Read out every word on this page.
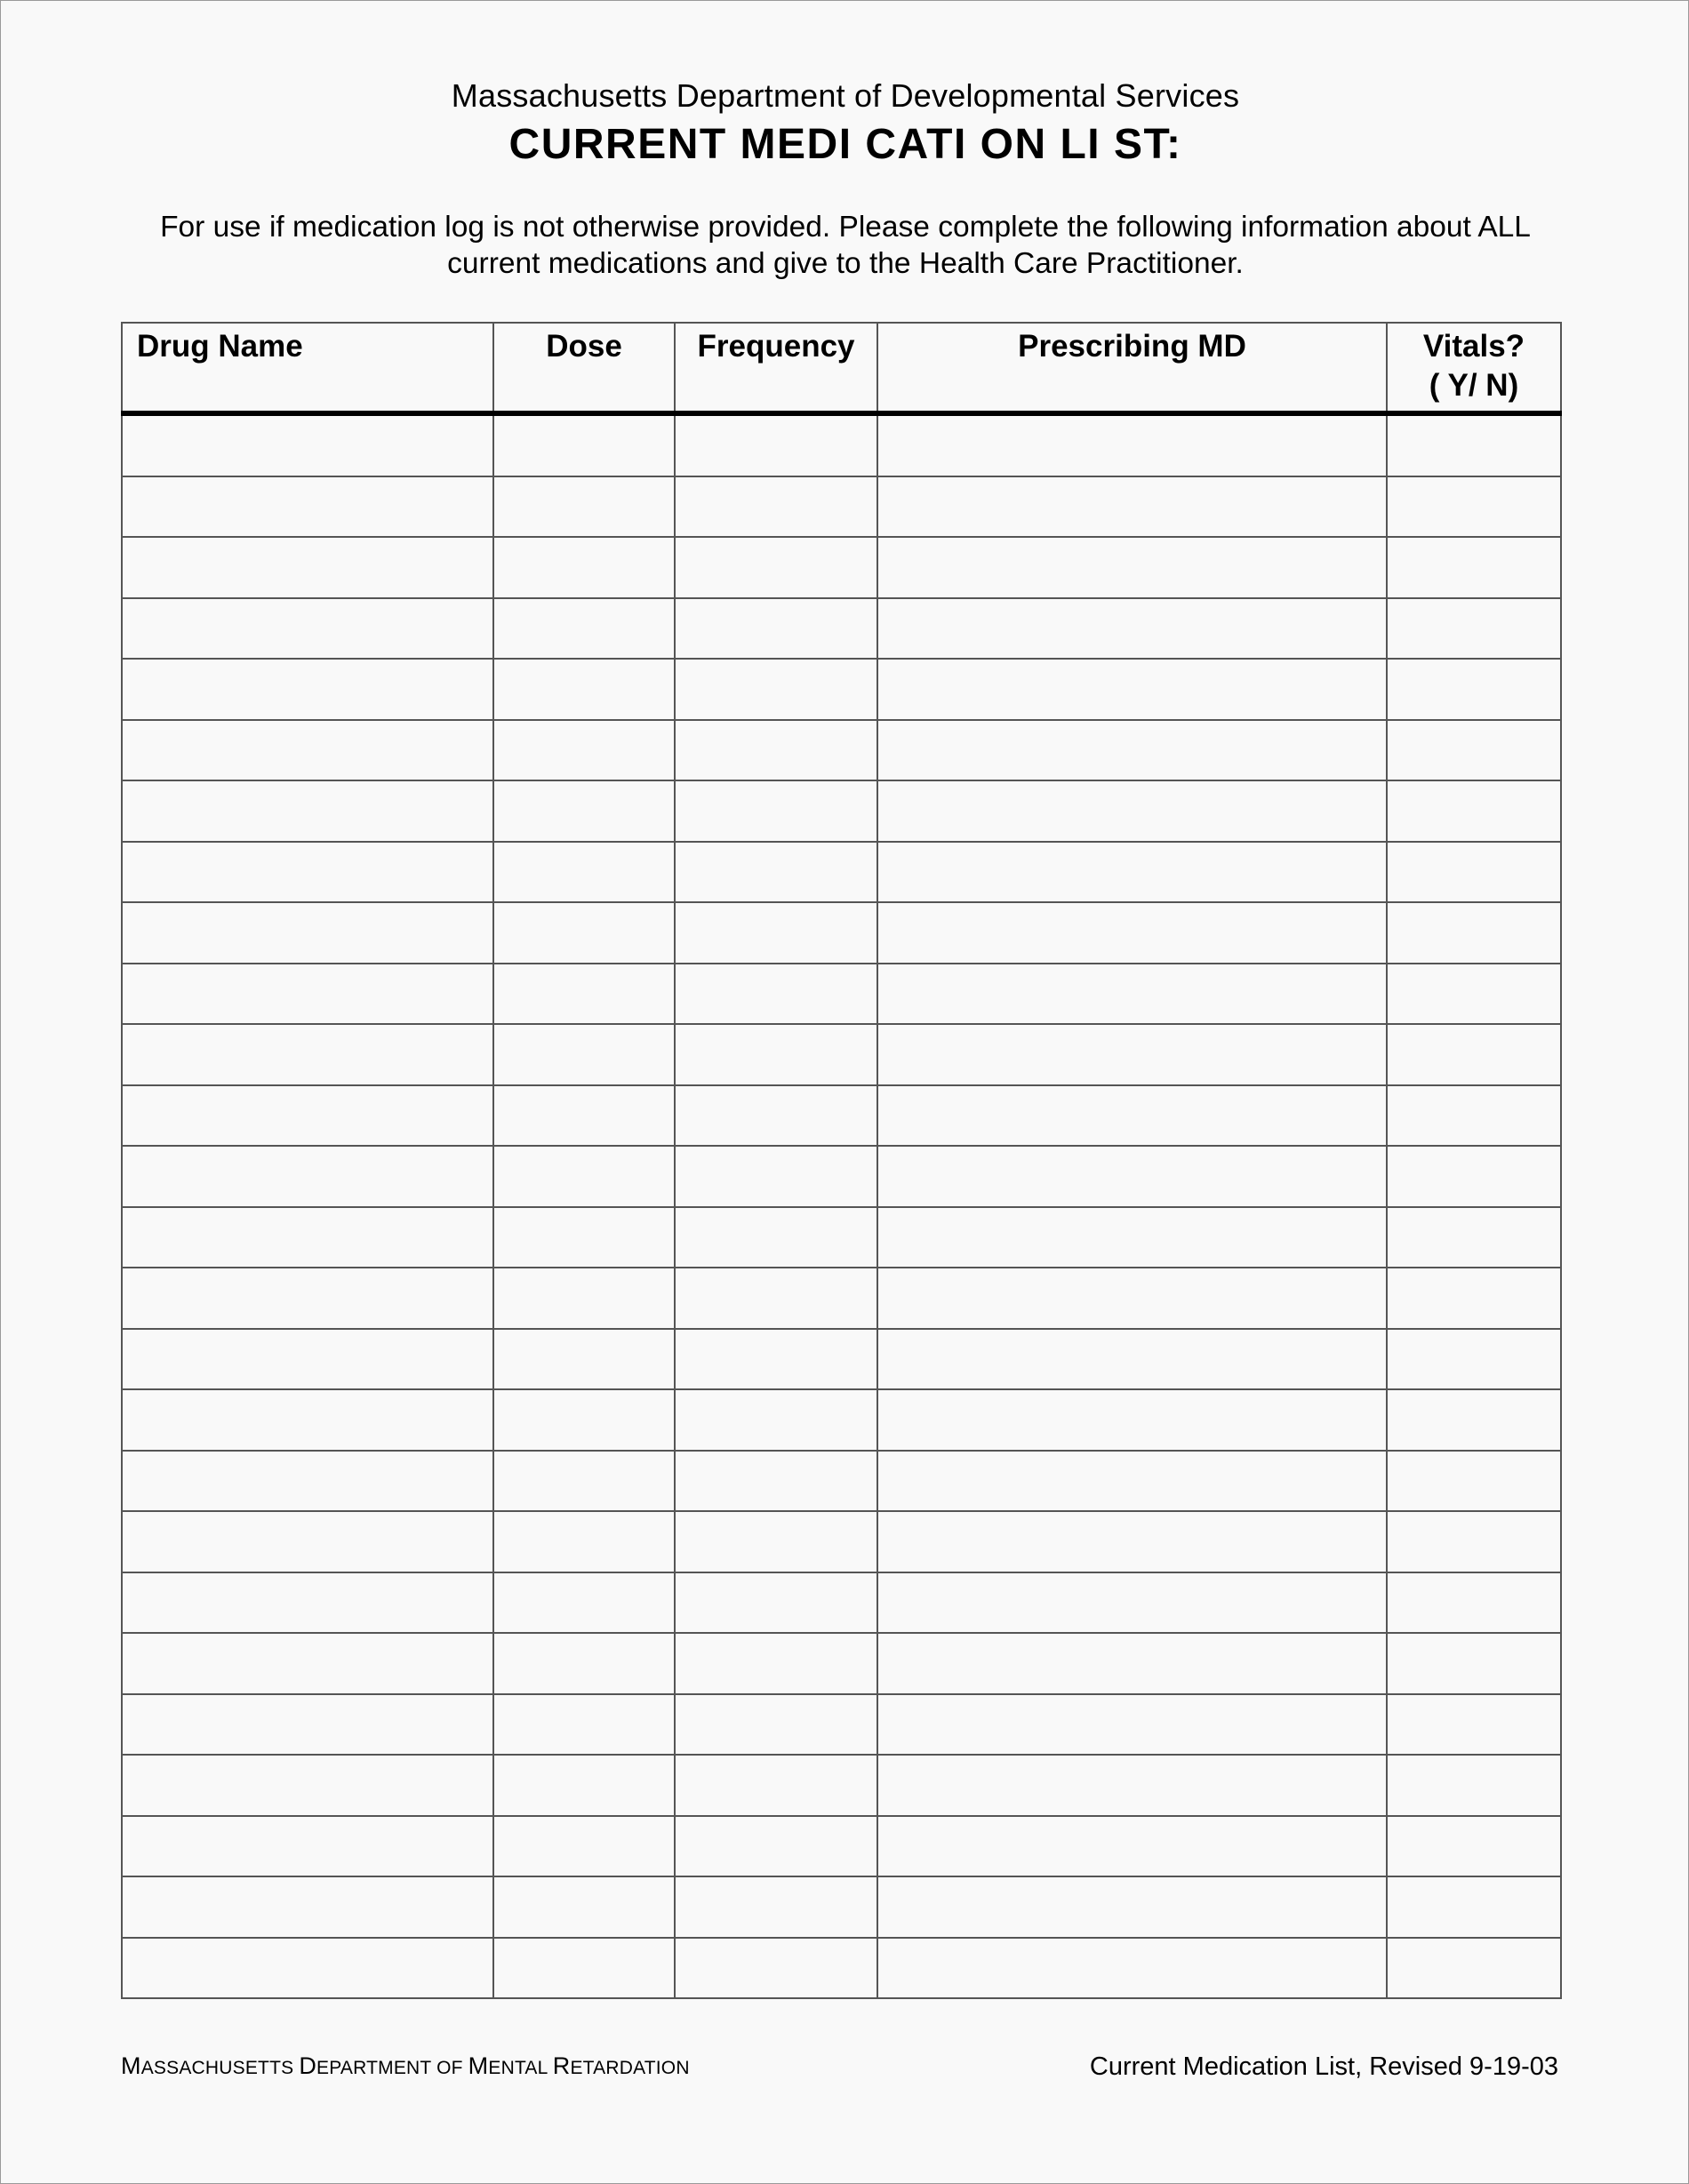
Massachusetts Department of Developmental Services
CURRENT MEDI CATI ON LI ST:
For use if medication log is not otherwise provided. Please complete the following information about ALL
current medications and give to the Health Care Practitioner.
Drug Name	Dose	Frequency	Prescribing MD	Vitals?
( Y/ N)

MASSACHUSETTS DEPARTMENT OF MENTAL RETARDATION	Current Medication List, Revised 9-19-03
